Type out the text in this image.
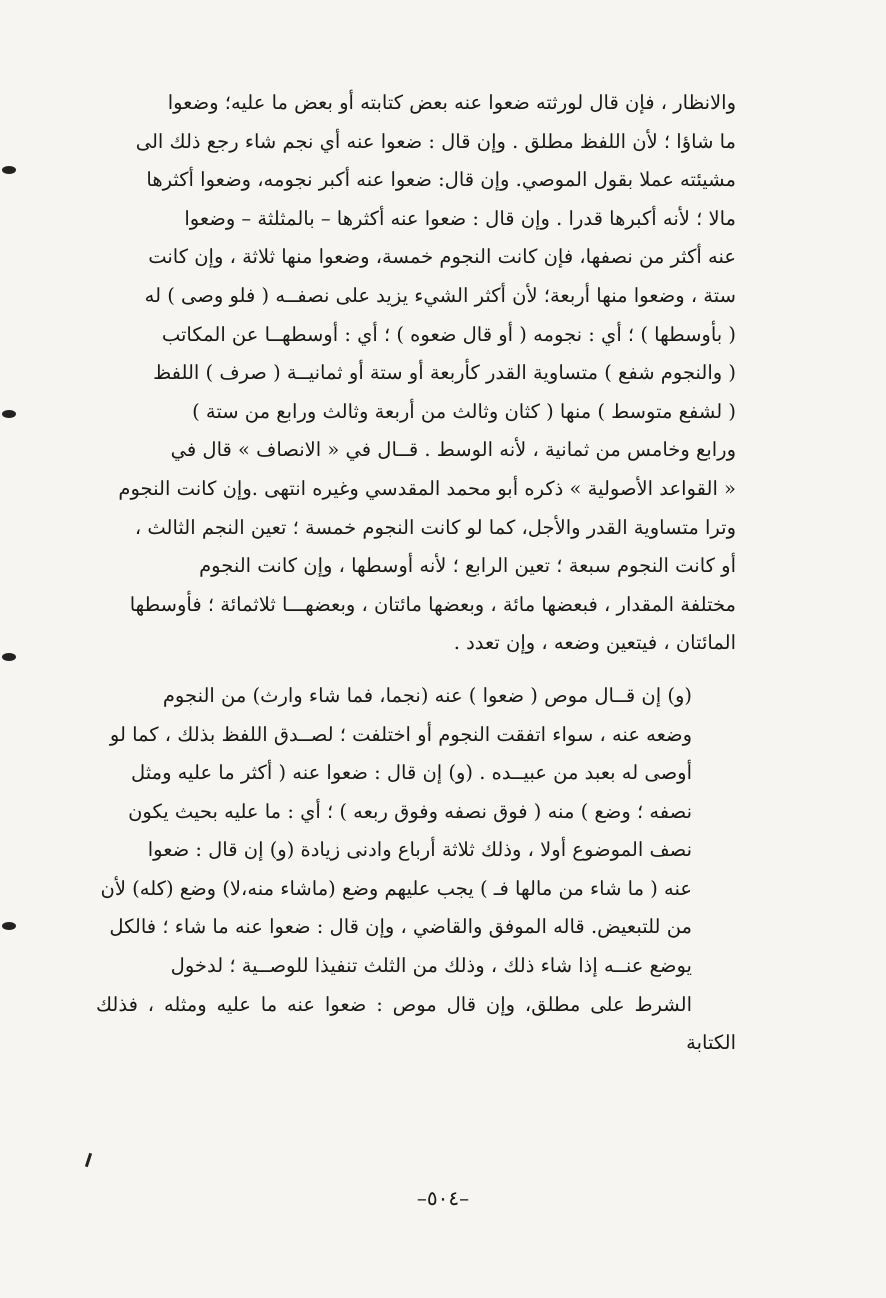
والانظار ، فإن قال لورثته ضعوا عنه بعض كتابته أو بعض ما عليه؛ وضعوا

ما شاؤا ؛ لأن اللفظ مطلق . وإن قال : ضعوا عنه أي نجم شاء رجع ذلك الى

مشيئته عملا بقول الموصي. وإن قال: ضعوا عنه أكبر نجومه، وضعوا أكثرها

مالا ؛ لأنه أكبرها قدرا . وإن قال : ضعوا عنه أكثرها – بالمثلثة – وضعوا

عنه أكثر من نصفها، فإن كانت النجوم خمسة، وضعوا منها ثلاثة ، وإن كانت

ستة ، وضعوا منها أربعة؛ لأن أكثر الشيء يزيد على نصفــه ( فلو وصى ) له

( بأوسطها ) ؛ أي : نجومه ( أو قال ضعوه ) ؛ أي : أوسطهــا عن المكاتب

( والنجوم شفع ) متساوية القدر كأربعة أو ستة أو ثمانيــة ( صرف ) اللفظ

( لشفع متوسط ) منها ( كثان وثالث من أربعة وثالث ورابع من ستة )

ورابع وخامس من ثمانية ، لأنه الوسط . قــال في « الانصاف » قال في

« القواعد الأصولية » ذكره أبو محمد المقدسي وغيره انتهى .وإن كانت النجوم

وترا متساوية القدر والأجل، كما لو كانت النجوم خمسة ؛ تعين النجم الثالث ،

أو كانت النجوم سبعة ؛ تعين الرابع ؛ لأنه أوسطها ، وإن كانت النجوم

مختلفة المقدار ، فبعضها مائة ، وبعضها مائتان ، وبعضهـــا ثلاثمائة ؛ فأوسطها

المائتان ، فيتعين وضعه ، وإن تعدد .

(و) إن قــال موص ( ضعوا ) عنه (نجما، فما شاء وارث) من النجوم

وضعه عنه ، سواء اتفقت النجوم أو اختلفت ؛ لصــدق اللفظ بذلك ، كما لو

أوصى له بعبد من عبيــده . (و) إن قال : ضعوا عنه ( أكثر ما عليه ومثل

نصفه ؛ وضع ) منه ( فوق نصفه وفوق ربعه ) ؛ أي : ما عليه بحيث يكون

نصف الموضوع أولا ، وذلك ثلاثة أرباع وادنى زيادة (و) إن قال : ضعوا

عنه ( ما شاء من مالها فـ ) يجب عليهم وضع (ماشاء منه،لا) وضع (كله) لأن

من للتبعيض. قاله الموفق والقاضي ، وإن قال : ضعوا عنه ما شاء ؛ فالكل

يوضع عنــه إذا شاء ذلك ، وذلك من الثلث تنفيذا للوصــية ؛ لدخول

الشرط على مطلق، وإن قال موص : ضعوا عنه ما عليه ومثله ، فذلك الكتابة

–٥٠٤–
